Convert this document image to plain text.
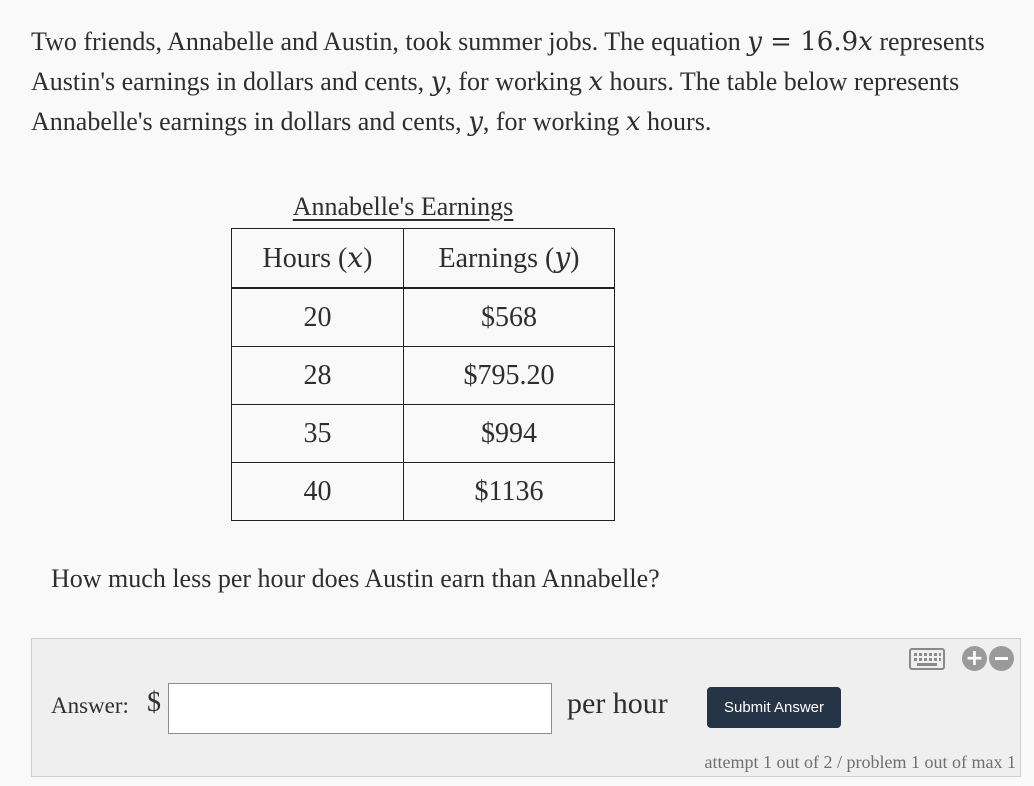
Two friends, Annabelle and Austin, took summer jobs. The equation y = 16.9x represents Austin's earnings in dollars and cents, y, for working x hours. The table below represents Annabelle's earnings in dollars and cents, y, for working x hours.
Annabelle's Earnings
Hours (x)	Earnings (y)
20	$568
28	$795.20
35	$994
40	$1136
How much less per hour does Austin earn than Annabelle?
+
Answer: $	per hour	Submit Answer
attempt 1 out of 2 / problem 1 out of max 1
